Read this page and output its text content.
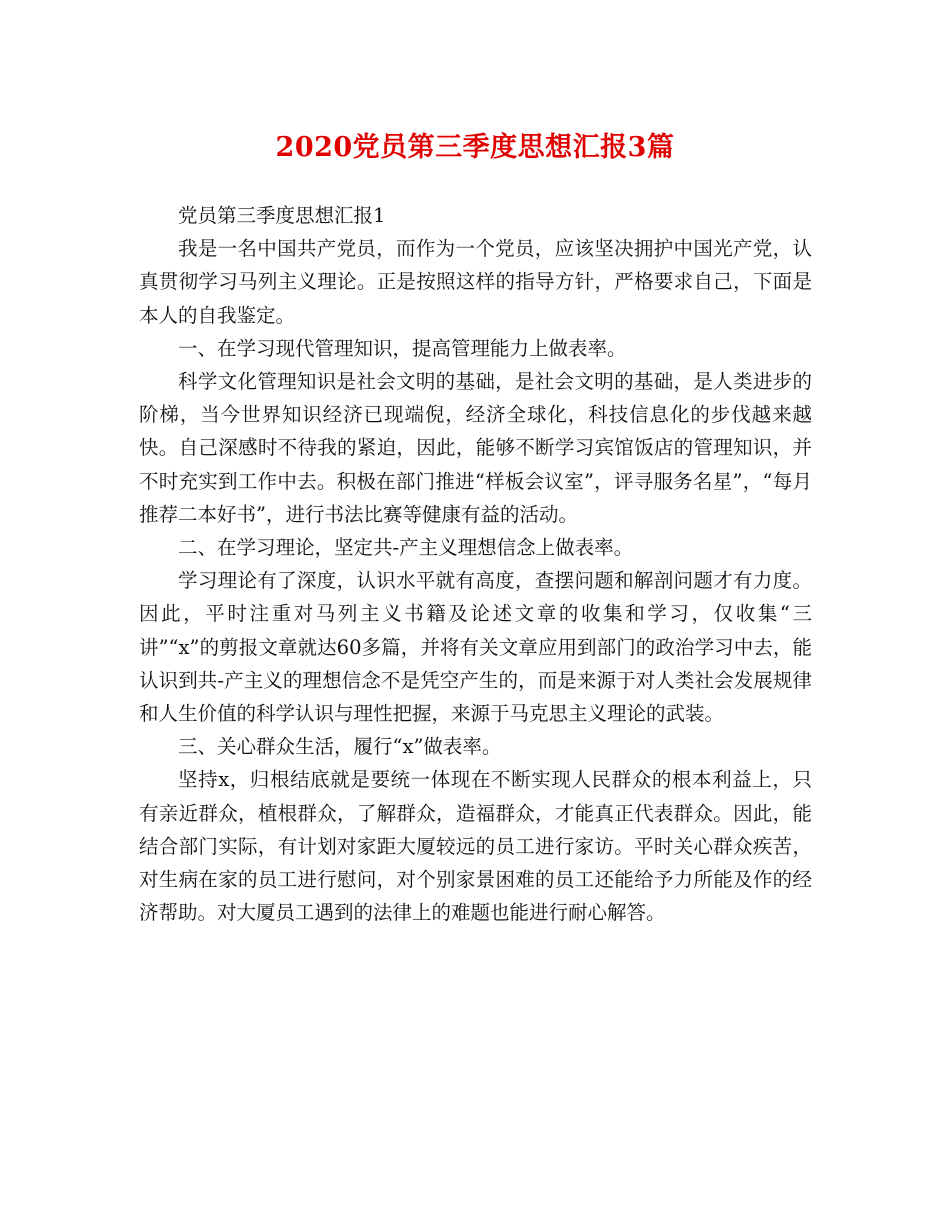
2020党员第三季度思想汇报3篇

党员第三季度思想汇报1

我是一名中国共产党员，而作为一个党员，应该坚决拥护中国光产党，认真贯彻学习马列主义理论。正是按照这样的指导方针，严格要求自己，下面是本人的自我鉴定。

一、在学习现代管理知识，提高管理能力上做表率。

科学文化管理知识是社会文明的基础，是社会文明的基础，是人类进步的阶梯，当今世界知识经济已现端倪，经济全球化，科技信息化的步伐越来越快。自己深感时不待我的紧迫，因此，能够不断学习宾馆饭店的管理知识，并不时充实到工作中去。积极在部门推进“样板会议室”，评寻服务名星”，“每月推荐二本好书”，进行书法比赛等健康有益的活动。

二、在学习理论，坚定共-产主义理想信念上做表率。

学习理论有了深度，认识水平就有高度，查摆问题和解剖问题才有力度。因此，平时注重对马列主义书籍及论述文章的收集和学习，仅收集“三讲”“x”的剪报文章就达60多篇，并将有关文章应用到部门的政治学习中去，能认识到共-产主义的理想信念不是凭空产生的，而是来源于对人类社会发展规律和人生价值的科学认识与理性把握，来源于马克思主义理论的武装。

三、关心群众生活，履行“x”做表率。

坚持x，归根结底就是要统一体现在不断实现人民群众的根本利益上，只有亲近群众，植根群众，了解群众，造福群众，才能真正代表群众。因此，能结合部门实际，有计划对家距大厦较远的员工进行家访。平时关心群众疾苦，对生病在家的员工进行慰问，对个别家景困难的员工还能给予力所能及作的经济帮助。对大厦员工遇到的法律上的难题也能进行耐心解答。
